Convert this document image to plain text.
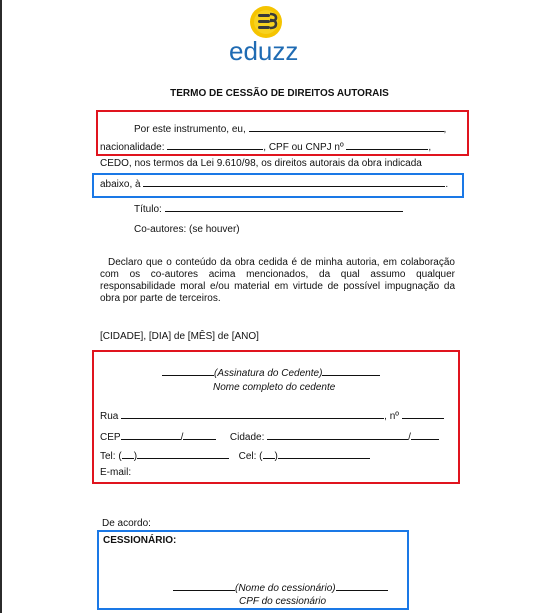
eduzz
TERMO DE CESSÃO DE DIREITOS AUTORAIS
Por este instrumento, eu,	,
nacionalidade:	, CPF ou CNPJ nº	,
CEDO, nos termos da Lei 9.610/98, os direitos autorais da obra indicada
abaixo, à	.
Título:
Co-autores: (se houver)
Declaro que o conteúdo da obra cedida é de minha autoria, em colaboração com os co-autores acima mencionados, da qual assumo qualquer responsabilidade moral e/ou material em virtude de possível impugnação da obra por parte de terceiros.
[CIDADE], [DIA] de [MÊS] de [ANO]
(Assinatura do Cedente)
Nome completo do cedente
Rua	, nº
CEP	/	Cidade:	/
Tel: ( )	Cel: ( )
E-mail:
De acordo:
CESSIONÁRIO:
(Nome do cessionário)
CPF do cessionário
